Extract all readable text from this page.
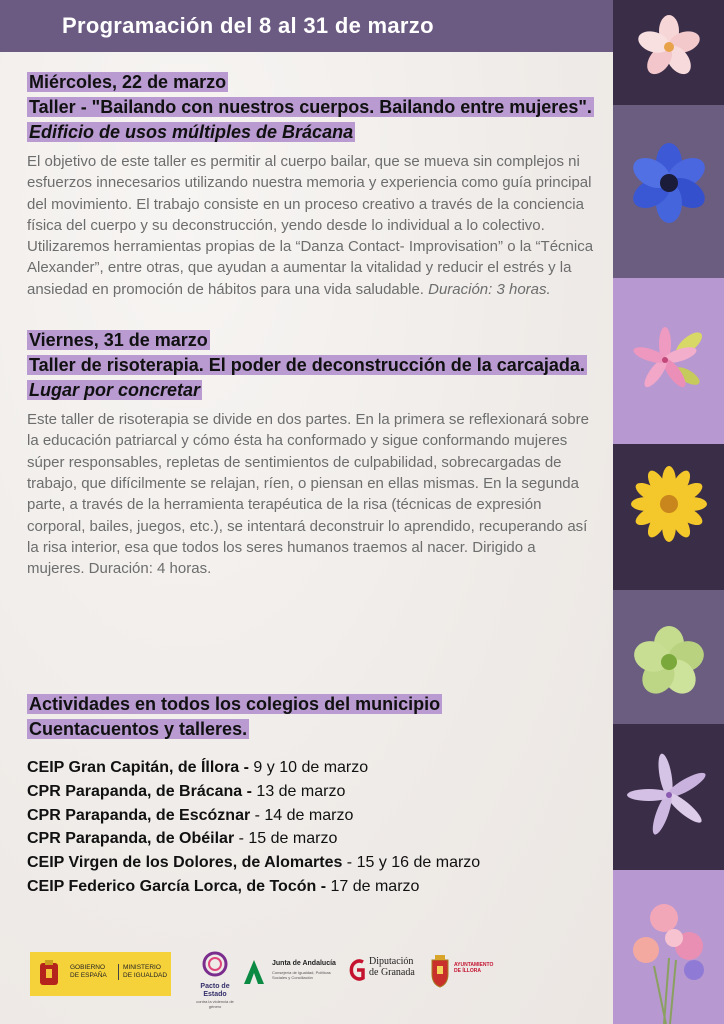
Programación del 8 al 31 de marzo

Miércoles, 22 de marzo

Taller - "Bailando con nuestros cuerpos. Bailando entre mujeres".

Edificio de usos múltiples de Brácana

El objetivo de este taller es permitir al cuerpo bailar, que se mueva sin complejos ni esfuerzos innecesarios utilizando nuestra memoria y experiencia como guía principal del movimiento. El trabajo consiste en un proceso creativo a través de la conciencia física del cuerpo y su deconstrucción, yendo desde lo individual a lo colectivo. Utilizaremos herramientas propias de la “Danza Contact- Improvisation” o la “Técnica Alexander”, entre otras, que ayudan a aumentar la vitalidad y reducir el estrés y la ansiedad en promoción de hábitos para una vida saludable. Duración: 3 horas.

Viernes, 31 de marzo

Taller de risoterapia. El poder de deconstrucción de la carcajada.

Lugar por concretar

Este taller de risoterapia se divide en dos partes. En la primera se reflexionará sobre la educación patriarcal y cómo ésta ha conformado y sigue conformando mujeres súper responsables, repletas de sentimientos de culpabilidad, sobrecargadas de trabajo, que difícilmente se relajan, ríen, o piensan en ellas mismas. En la segunda parte, a través de la herramienta terapéutica de la risa (técnicas de expresión corporal, bailes, juegos, etc.), se intentará deconstruir lo aprendido, recuperando así la risa interior, esa que todos los seres humanos traemos al nacer. Dirigido a mujeres. Duración: 4 horas.

Actividades en todos los colegios del municipio

Cuentacuentos y talleres.

CEIP Gran Capitán, de Íllora - 9 y 10 de marzo
CPR Parapanda, de Brácana - 13 de marzo
CPR Parapanda, de Escóznar - 14 de marzo
CPR Parapanda, de Obéilar - 15 de marzo
CEIP Virgen de los Dolores, de Alomartes - 15 y 16 de marzo
CEIP Federico García Lorca, de Tocón - 17 de marzo
GOBIERNO
DE ESPAÑA
MINISTERIO
DE IGUALDAD
Pacto de Estado
contra la violencia de género
Junta de Andalucía
Consejería de Igualdad, Políticas Sociales y Conciliación
Diputación
de Granada
AYUNTAMIENTO
DE ÍLLORA
